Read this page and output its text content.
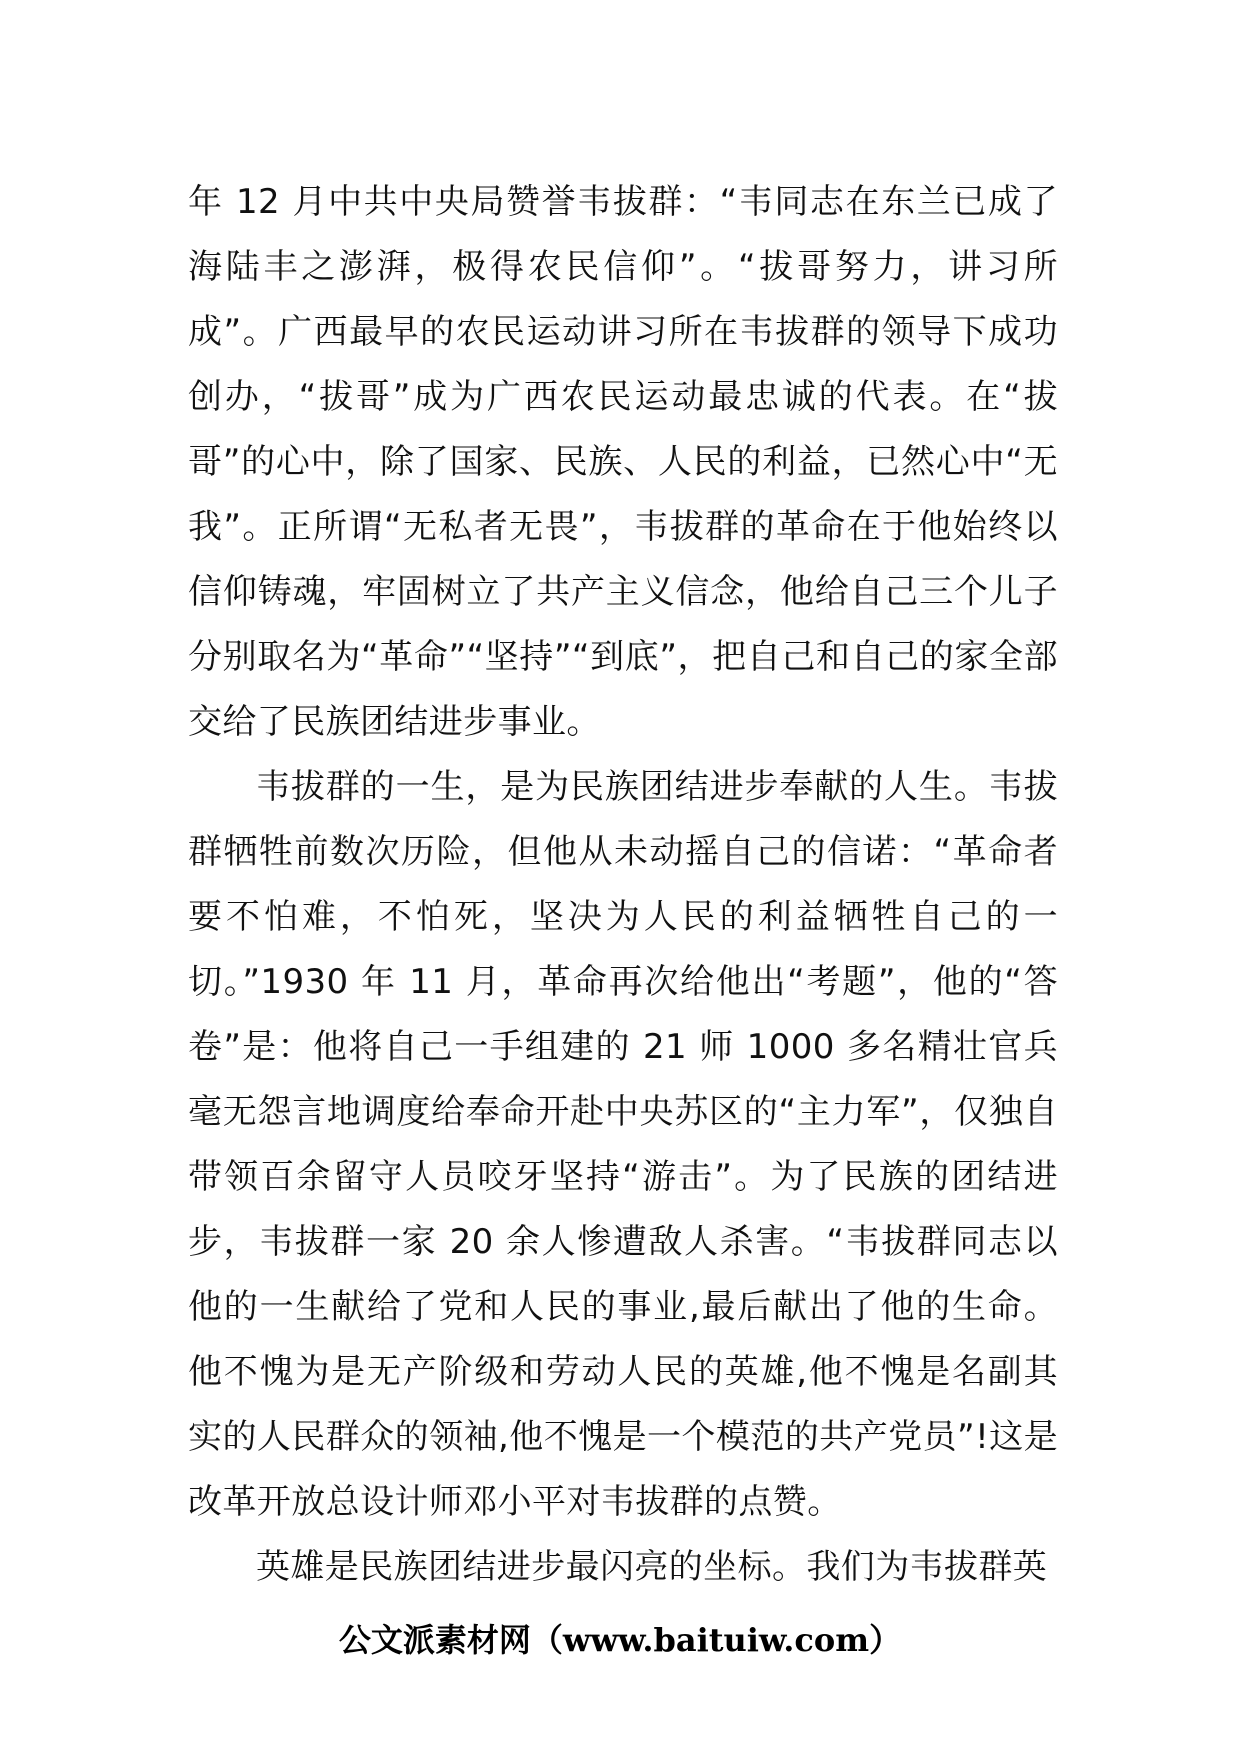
年 12 月中共中央局赞誉韦拔群：“韦同志在东兰已成了海陆丰之澎湃，极得农民信仰”。“拔哥努力，讲习所成”。广西最早的农民运动讲习所在韦拔群的领导下成功创办，“拔哥”成为广西农民运动最忠诚的代表。在“拔哥”的心中，除了国家、民族、人民的利益，已然心中“无我”。正所谓“无私者无畏”，韦拔群的革命在于他始终以信仰铸魂，牢固树立了共产主义信念，他给自己三个儿子分别取名为“革命”“坚持”“到底”，把自己和自己的家全部交给了民族团结进步事业。

韦拔群的一生，是为民族团结进步奉献的人生。韦拔群牺牲前数次历险，但他从未动摇自己的信诺：“革命者要不怕难，不怕死，坚决为人民的利益牺牲自己的一切。”1930 年 11 月，革命再次给他出“考题”，他的“答卷”是：他将自己一手组建的 21 师 1000 多名精壮官兵毫无怨言地调度给奉命开赴中央苏区的“主力军”，仅独自带领百余留守人员咬牙坚持“游击”。为了民族的团结进步，韦拔群一家 20 余人惨遭敌人杀害。“韦拔群同志以他的一生献给了党和人民的事业,最后献出了他的生命。他不愧为是无产阶级和劳动人民的英雄,他不愧是名副其实的人民群众的领袖,他不愧是一个模范的共产党员”!这是改革开放总设计师邓小平对韦拔群的点赞。

英雄是民族团结进步最闪亮的坐标。我们为韦拔群英

公文派素材网（www.baituiw.com）
